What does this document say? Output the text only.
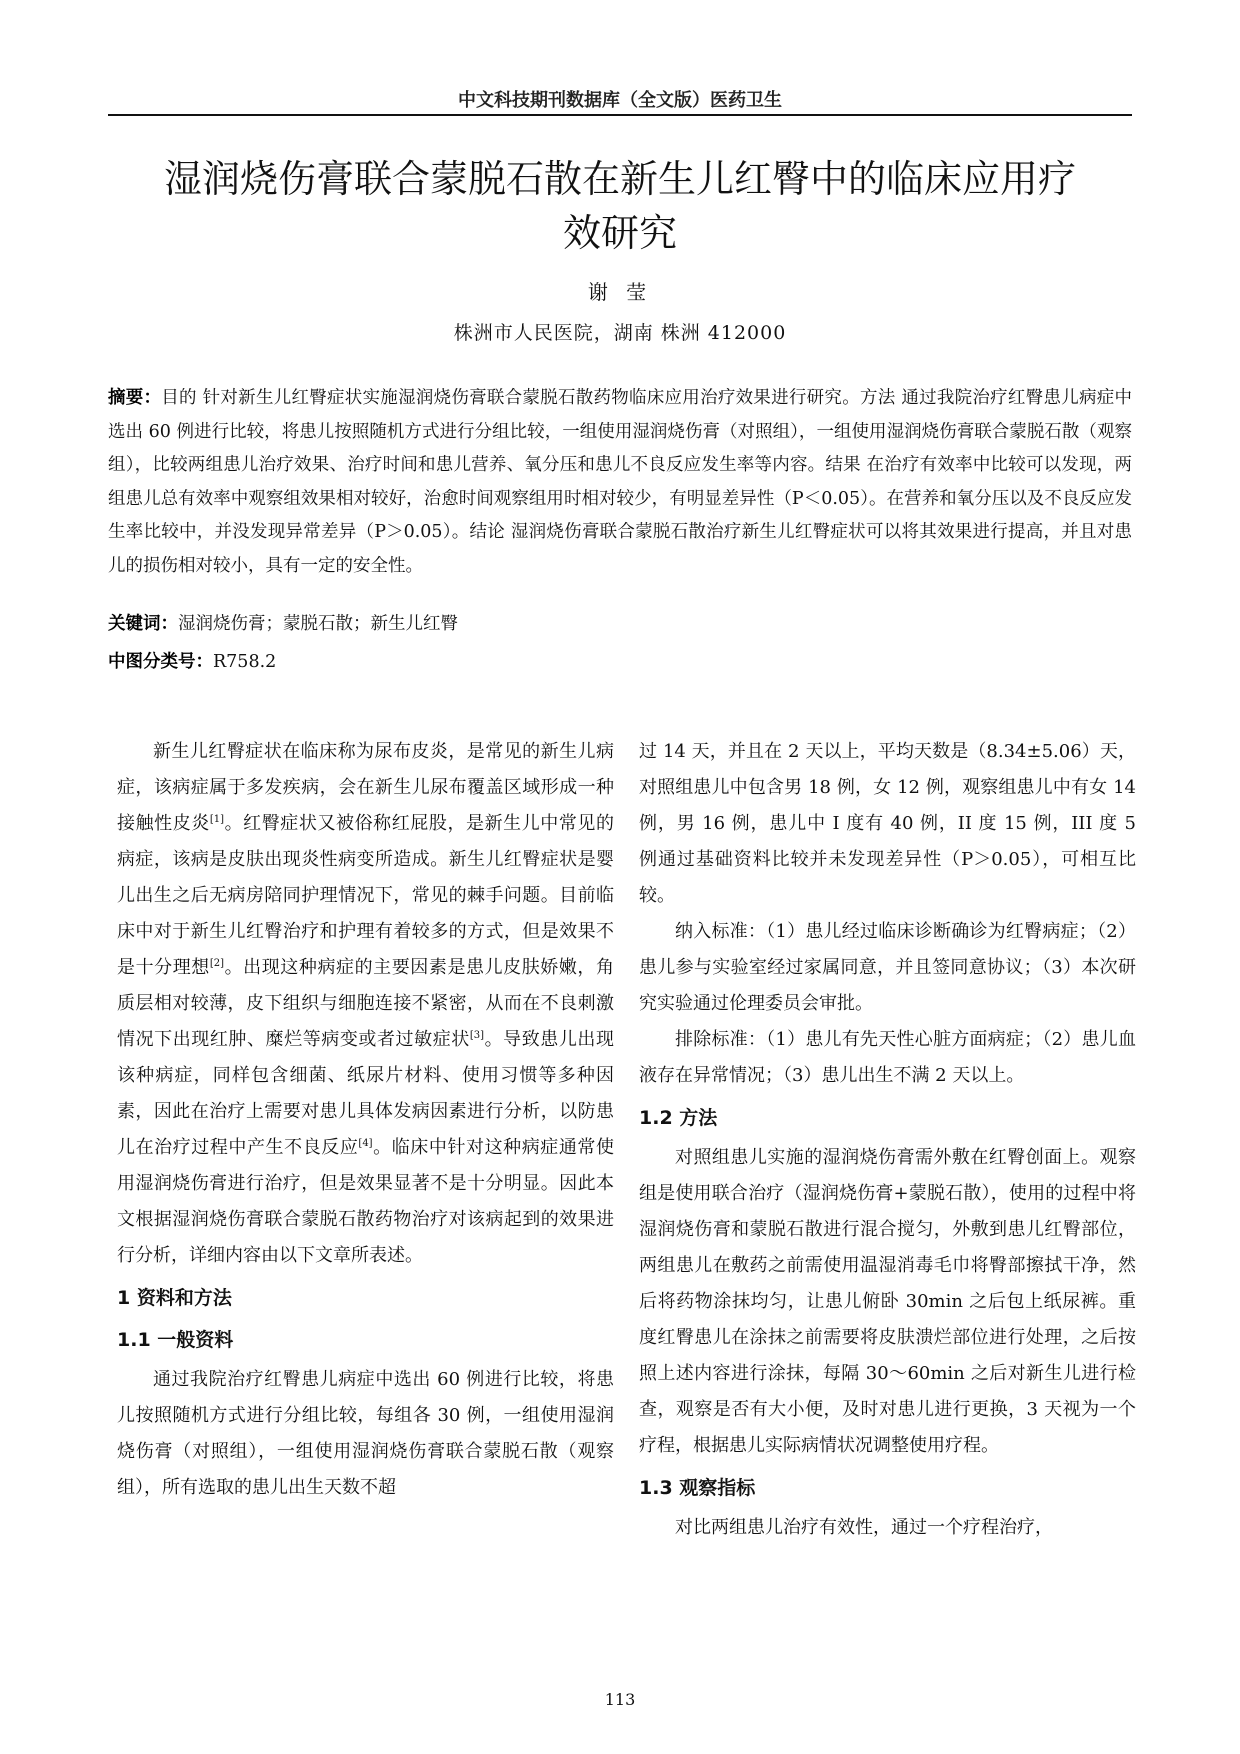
中文科技期刊数据库（全文版）医药卫生
湿润烧伤膏联合蒙脱石散在新生儿红臀中的临床应用疗
效研究
谢 莹
株洲市人民医院，湖南 株洲 412000
摘要：目的 针对新生儿红臀症状实施湿润烧伤膏联合蒙脱石散药物临床应用治疗效果进行研究。方法 通过我院治疗红臀患儿病症中选出 60 例进行比较，将患儿按照随机方式进行分组比较，一组使用湿润烧伤膏（对照组），一组使用湿润烧伤膏联合蒙脱石散（观察组），比较两组患儿治疗效果、治疗时间和患儿营养、氧分压和患儿不良反应发生率等内容。结果 在治疗有效率中比较可以发现，两组患儿总有效率中观察组效果相对较好，治愈时间观察组用时相对较少，有明显差异性（P＜0.05）。在营养和氧分压以及不良反应发生率比较中，并没发现异常差异（P＞0.05）。结论 湿润烧伤膏联合蒙脱石散治疗新生儿红臀症状可以将其效果进行提高，并且对患儿的损伤相对较小，具有一定的安全性。
关键词：湿润烧伤膏；蒙脱石散；新生儿红臀
中图分类号：R758.2

新生儿红臀症状在临床称为尿布皮炎，是常见的新生儿病症，该病症属于多发疾病，会在新生儿尿布覆盖区域形成一种接触性皮炎[1]。红臀症状又被俗称红屁股，是新生儿中常见的病症，该病是皮肤出现炎性病变所造成。新生儿红臀症状是婴儿出生之后无病房陪同护理情况下，常见的棘手问题。目前临床中对于新生儿红臀治疗和护理有着较多的方式，但是效果不是十分理想[2]。出现这种病症的主要因素是患儿皮肤娇嫩，角质层相对较薄，皮下组织与细胞连接不紧密，从而在不良刺激情况下出现红肿、糜烂等病变或者过敏症状[3]。导致患儿出现该种病症，同样包含细菌、纸尿片材料、使用习惯等多种因素，因此在治疗上需要对患儿具体发病因素进行分析，以防患儿在治疗过程中产生不良反应[4]。临床中针对这种病症通常使用湿润烧伤膏进行治疗，但是效果显著不是十分明显。因此本文根据湿润烧伤膏联合蒙脱石散药物治疗对该病起到的效果进行分析，详细内容由以下文章所表述。

1 资料和方法
1.1 一般资料

通过我院治疗红臀患儿病症中选出 60 例进行比较，将患儿按照随机方式进行分组比较，每组各 30 例，一组使用湿润烧伤膏（对照组），一组使用湿润烧伤膏联合蒙脱石散（观察组），所有选取的患儿出生天数不超

过 14 天，并且在 2 天以上，平均天数是（8.34±5.06）天，对照组患儿中包含男 18 例，女 12 例，观察组患儿中有女 14 例，男 16 例，患儿中 I 度有 40 例，II 度 15 例，III 度 5 例通过基础资料比较并未发现差异性（P＞0.05），可相互比较。

纳入标准：（1）患儿经过临床诊断确诊为红臀病症；（2）患儿参与实验室经过家属同意，并且签同意协议；（3）本次研究实验通过伦理委员会审批。

排除标准：（1）患儿有先天性心脏方面病症；（2）患儿血液存在异常情况；（3）患儿出生不满 2 天以上。

1.2 方法

对照组患儿实施的湿润烧伤膏需外敷在红臀创面上。观察组是使用联合治疗（湿润烧伤膏+蒙脱石散），使用的过程中将湿润烧伤膏和蒙脱石散进行混合搅匀，外敷到患儿红臀部位，两组患儿在敷药之前需使用温湿消毒毛巾将臀部擦拭干净，然后将药物涂抹均匀，让患儿俯卧 30min 之后包上纸尿裤。重度红臀患儿在涂抹之前需要将皮肤溃烂部位进行处理，之后按照上述内容进行涂抹，每隔 30～60min 之后对新生儿进行检查，观察是否有大小便，及时对患儿进行更换，3 天视为一个疗程，根据患儿实际病情状况调整使用疗程。

1.3 观察指标

对比两组患儿治疗有效性，通过一个疗程治疗，

113
